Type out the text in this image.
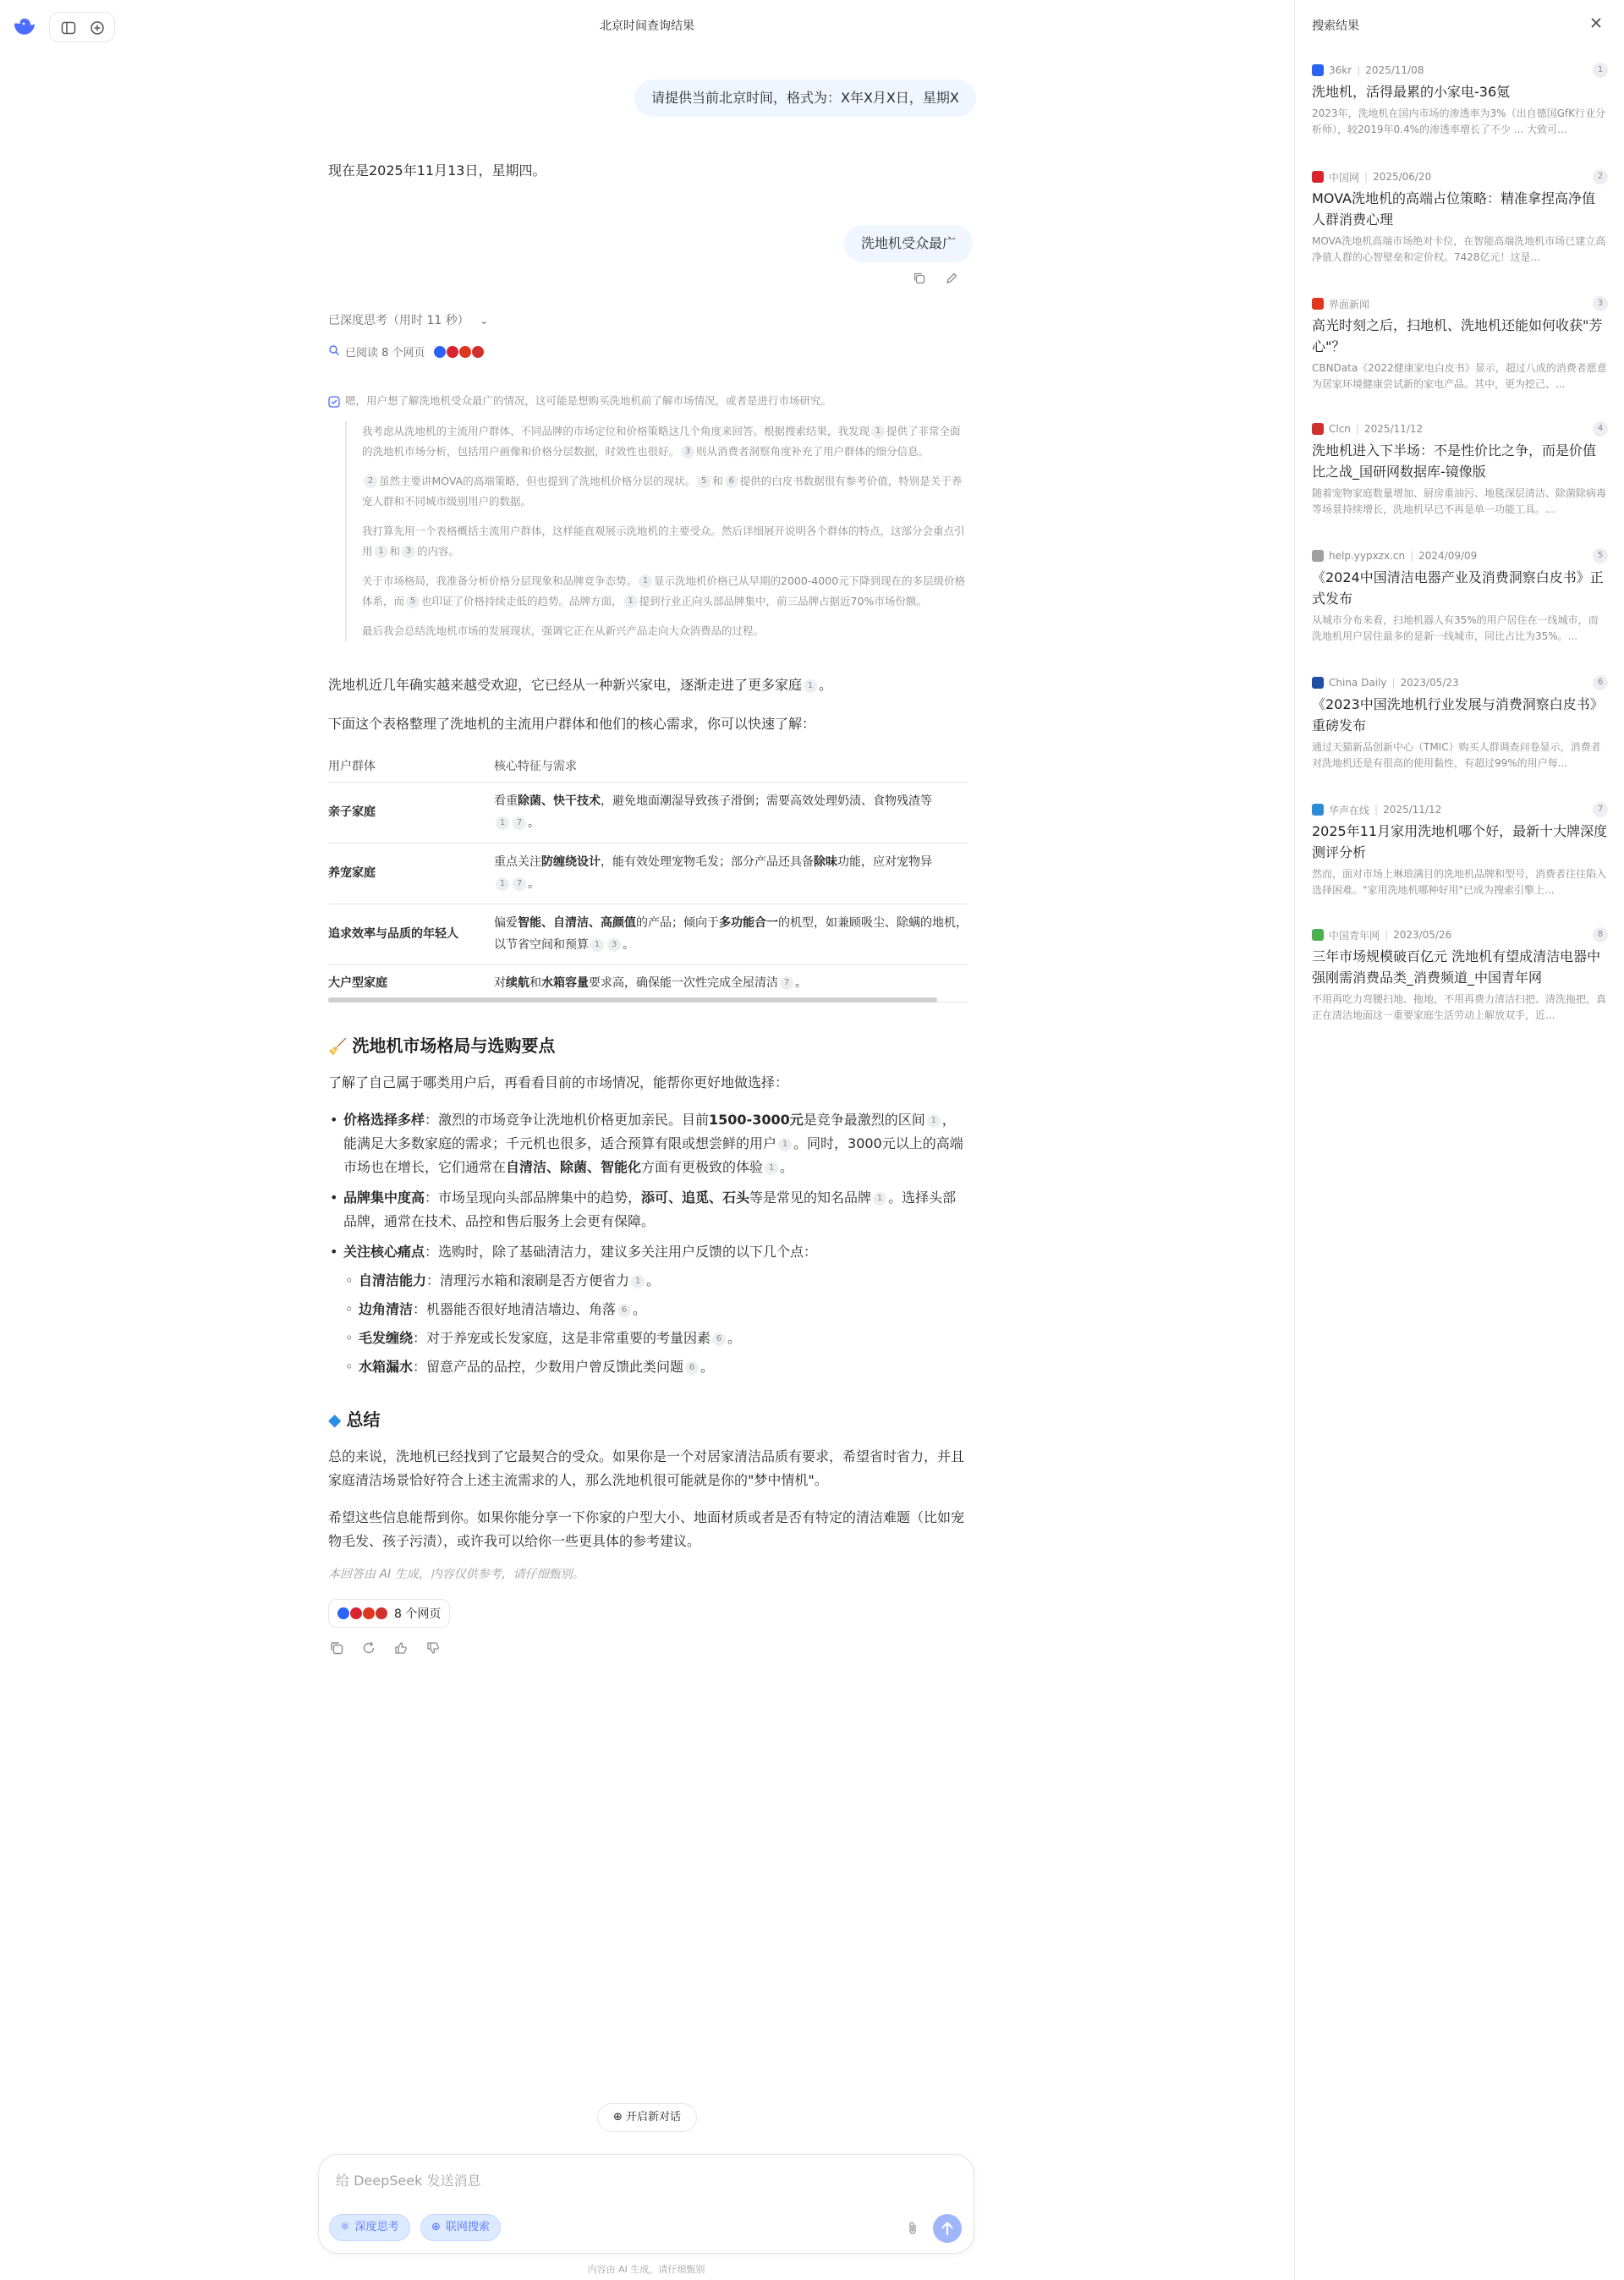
北京时间查询结果
请提供当前北京时间，格式为：X年X月X日，星期X
现在是2025年11月13日，星期四。
洗地机受众最广
已深度思考（用时 11 秒） ⌄
已阅读 8 个网页
嗯，用户想了解洗地机受众最广的情况，这可能是想购买洗地机前了解市场情况，或者是进行市场研究。

我考虑从洗地机的主流用户群体、不同品牌的市场定位和价格策略这几个角度来回答。根据搜索结果，我发现 1 提供了非常全面的洗地机市场分析，包括用户画像和价格分层数据，时效性也很好。 3 则从消费者洞察角度补充了用户群体的细分信息。

2 虽然主要讲MOVA的高端策略，但也提到了洗地机价格分层的现状。 5 和 6 提供的白皮书数据很有参考价值，特别是关于养宠人群和不同城市级别用户的数据。

我打算先用一个表格概括主流用户群体，这样能直观展示洗地机的主要受众。然后详细展开说明各个群体的特点，这部分会重点引用 1 和 3 的内容。

关于市场格局，我准备分析价格分层现象和品牌竞争态势。 1 显示洗地机价格已从早期的2000-4000元下降到现在的多层级价格体系，而 5 也印证了价格持续走低的趋势。品牌方面， 1 提到行业正向头部品牌集中，前三品牌占据近70%市场份额。

最后我会总结洗地机市场的发展现状，强调它正在从新兴产品走向大众消费品的过程。

洗地机近几年确实越来越受欢迎，它已经从一种新兴家电，逐渐走进了更多家庭 1 。
下面这个表格整理了洗地机的主流用户群体和他们的核心需求，你可以快速了解：
用户群体	核心特征与需求
亲子家庭	看重除菌、快干技术，避免地面潮湿导致孩子滑倒；需要高效处理奶渍、食物残渣等
1 7 。
养宠家庭	重点关注防缠绕设计，能有效处理宠物毛发；部分产品还具备除味功能，应对宠物异
1 7 。
追求效率与品质的年轻人	偏爱智能、自清洁、高颜值的产品；倾向于多功能合一的机型，如兼顾吸尘、除螨的地机，以节省空间和预算 1 3 。
大户型家庭	对续航和水箱容量要求高，确保能一次性完成全屋清洁 7 。
🧹 洗地机市场格局与选购要点
了解了自己属于哪类用户后，再看看目前的市场情况，能帮你更好地做选择：
• 价格选择多样：激烈的市场竞争让洗地机价格更加亲民。目前1500-3000元是竞争最激烈的区间 1 ，能满足大多数家庭的需求；千元机也很多，适合预算有限或想尝鲜的用户 1 。同时，3000元以上的高端市场也在增长，它们通常在自清洁、除菌、智能化方面有更极致的体验 1 。
• 品牌集中度高：市场呈现向头部品牌集中的趋势，添可、追觅、石头等是常见的知名品牌 1 。选择头部品牌，通常在技术、品控和售后服务上会更有保障。
• 关注核心痛点：选购时，除了基础清洁力，建议多关注用户反馈的以下几个点：
◦ 自清洁能力：清理污水箱和滚刷是否方便省力 1 。
◦ 边角清洁：机器能否很好地清洁墙边、角落 6 。
◦ 毛发缠绕：对于养宠或长发家庭，这是非常重要的考量因素 6 。
◦ 水箱漏水：留意产品的品控，少数用户曾反馈此类问题 6 。
◆ 总结
总的来说，洗地机已经找到了它最契合的受众。如果你是一个对居家清洁品质有要求，希望省时省力，并且家庭清洁场景恰好符合上述主流需求的人，那么洗地机很可能就是你的"梦中情机"。
希望这些信息能帮到你。如果你能分享一下你家的户型大小、地面材质或者是否有特定的清洁难题（比如宠物毛发、孩子污渍），或许我可以给你一些更具体的参考建议。
本回答由 AI 生成，内容仅供参考，请仔细甄别。
8 个网页
⊕ 开启新对话
给 DeepSeek 发送消息
⚛ 深度思考	⊕ 联网搜索
内容由 AI 生成，请仔细甄别
搜索结果
36kr | 2025/11/08	1
洗地机，活得最累的小家电-36氪
2023年，洗地机在国内市场的渗透率为3%（出自德国GfK行业分析师），较2019年0.4%的渗透率增长了不少 ... 大致可...
中国网 | 2025/06/20	2
MOVA洗地机的高端占位策略：精准拿捏高净值人群消费心理
MOVA洗地机高端市场绝对卡位，在智能高端洗地机市场已建立高净值人群的心智壁垒和定价权。7428亿元！这是...
界面新闻	3
高光时刻之后，扫地机、洗地机还能如何收获"芳心"？
CBNData《2022健康家电白皮书》显示，超过八成的消费者愿意为居家环境健康尝试新的家电产品。其中，更为挖己、...
Clcn | 2025/11/12	4
洗地机进入下半场：不是性价比之争，而是价值比之战_国研网数据库-镜像版
随着宠物家庭数量增加、厨房重油污、地毯深层清洁、除菌除病毒等场景持续增长，洗地机早已不再是单一功能工具。...
help.yypxzx.cn | 2024/09/09	5
《2024中国清洁电器产业及消费洞察白皮书》正式发布
从城市分布来看，扫地机器人有35%的用户居住在一线城市，而洗地机用户居住最多的是新一线城市，同比占比为35%。...
China Daily | 2023/05/23	6
《2023中国洗地机行业发展与消费洞察白皮书》重磅发布
通过天猫新品创新中心（TMIC）购买人群调查问卷显示，消费者对洗地机还是有很高的使用黏性，有超过99%的用户每...
华声在线 | 2025/11/12	7
2025年11月家用洗地机哪个好，最新十大牌深度测评分析
然而，面对市场上琳琅满目的洗地机品牌和型号，消费者往往陷入选择困难。"家用洗地机哪种好用"已成为搜索引擎上...
中国青年网 | 2023/05/26	8
三年市场规模破百亿元 洗地机有望成清洁电器中强刚需消费品类_消费频道_中国青年网
不用再吃力弯腰扫地、拖地，不用再费力清洁扫把、清洗拖把，真正在清洁地面这一重要家庭生活劳动上解放双手，近...
